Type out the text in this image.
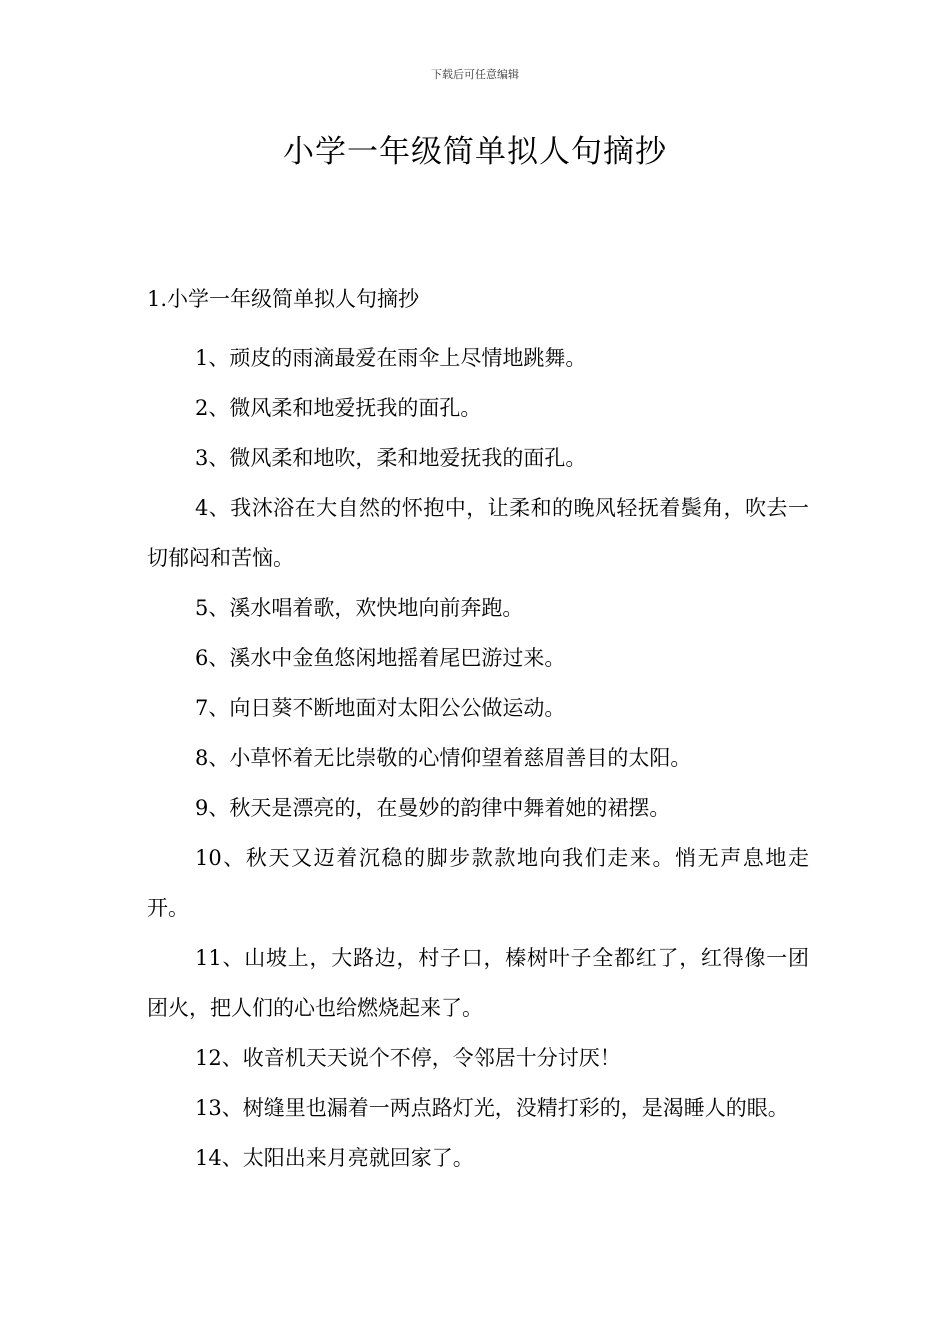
下载后可任意编辑
小学一年级简单拟人句摘抄

1.小学一年级简单拟人句摘抄

1、顽皮的雨滴最爱在雨伞上尽情地跳舞。
2、微风柔和地爱抚我的面孔。
3、微风柔和地吹，柔和地爱抚我的面孔。
4、我沐浴在大自然的怀抱中，让柔和的晚风轻抚着鬓角，吹去一切郁闷和苦恼。
5、溪水唱着歌，欢快地向前奔跑。
6、溪水中金鱼悠闲地摇着尾巴游过来。
7、向日葵不断地面对太阳公公做运动。
8、小草怀着无比崇敬的心情仰望着慈眉善目的太阳。
9、秋天是漂亮的，在曼妙的韵律中舞着她的裙摆。
10、秋天又迈着沉稳的脚步款款地向我们走来。悄无声息地走开。
11、山坡上，大路边，村子口，榛树叶子全都红了，红得像一团团火，把人们的心也给燃烧起来了。
12、收音机天天说个不停，令邻居十分讨厌！
13、树缝里也漏着一两点路灯光，没精打彩的，是渴睡人的眼。
14、太阳出来月亮就回家了。
